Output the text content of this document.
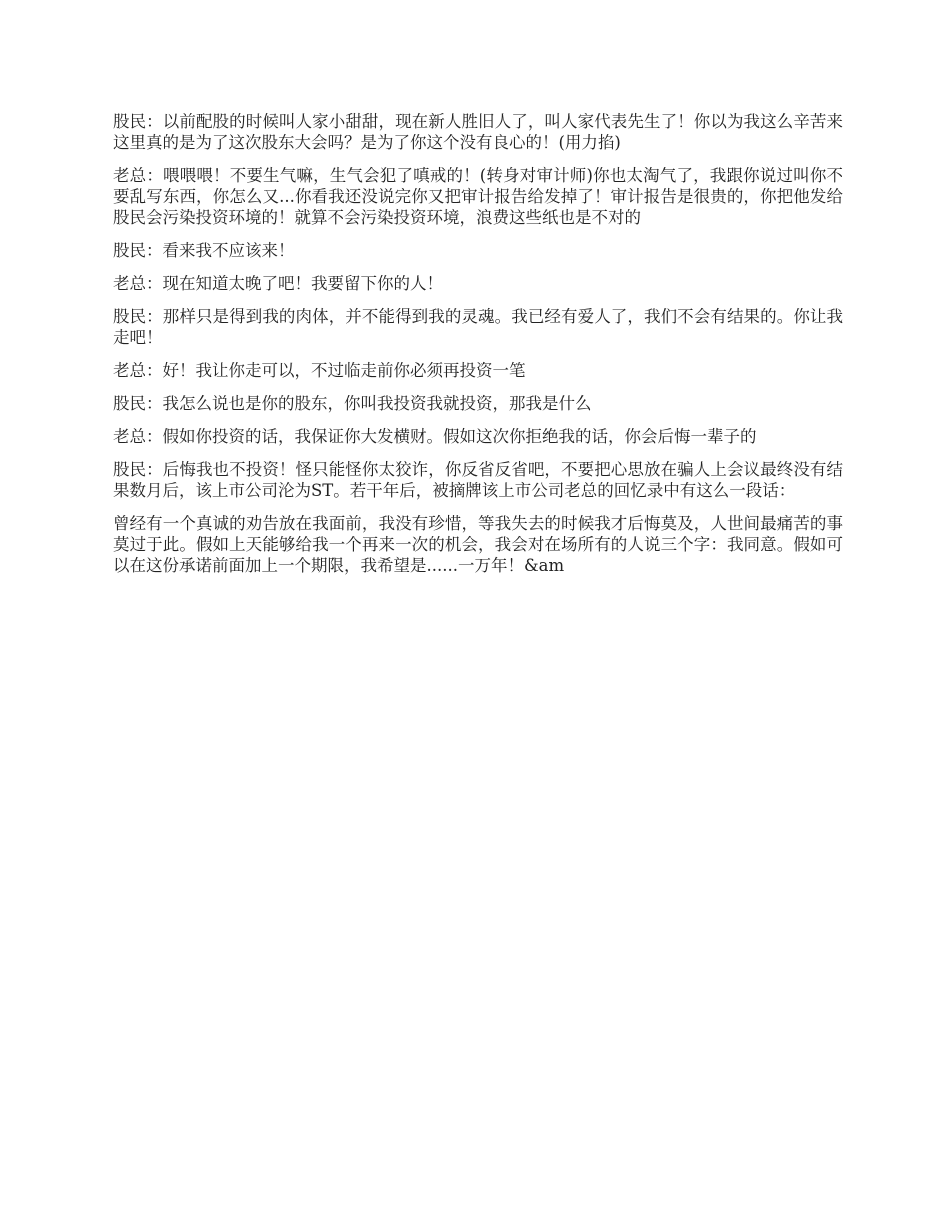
股民：以前配股的时候叫人家小甜甜，现在新人胜旧人了，叫人家代表先生了！你以为我这么辛苦来这里真的是为了这次股东大会吗？是为了你这个没有良心的！(用力掐)

老总：喂喂喂！不要生气嘛，生气会犯了嗔戒的！(转身对审计师)你也太淘气了，我跟你说过叫你不要乱写东西，你怎么又...你看我还没说完你又把审计报告给发掉了！审计报告是很贵的，你把他发给股民会污染投资环境的！就算不会污染投资环境，浪费这些纸也是不对的

股民：看来我不应该来！

老总：现在知道太晚了吧！我要留下你的人！

股民：那样只是得到我的肉体，并不能得到我的灵魂。我已经有爱人了，我们不会有结果的。你让我走吧！

老总：好！我让你走可以，不过临走前你必须再投资一笔

股民：我怎么说也是你的股东，你叫我投资我就投资，那我是什么

老总：假如你投资的话，我保证你大发横财。假如这次你拒绝我的话，你会后悔一辈子的

股民：后悔我也不投资！怪只能怪你太狡诈，你反省反省吧，不要把心思放在骗人上会议最终没有结果数月后，该上市公司沦为ST。若干年后，被摘牌该上市公司老总的回忆录中有这么一段话：

曾经有一个真诚的劝告放在我面前，我没有珍惜，等我失去的时候我才后悔莫及，人世间最痛苦的事莫过于此。假如上天能够给我一个再来一次的机会，我会对在场所有的人说三个字：我同意。假如可以在这份承诺前面加上一个期限，我希望是......一万年！&am
